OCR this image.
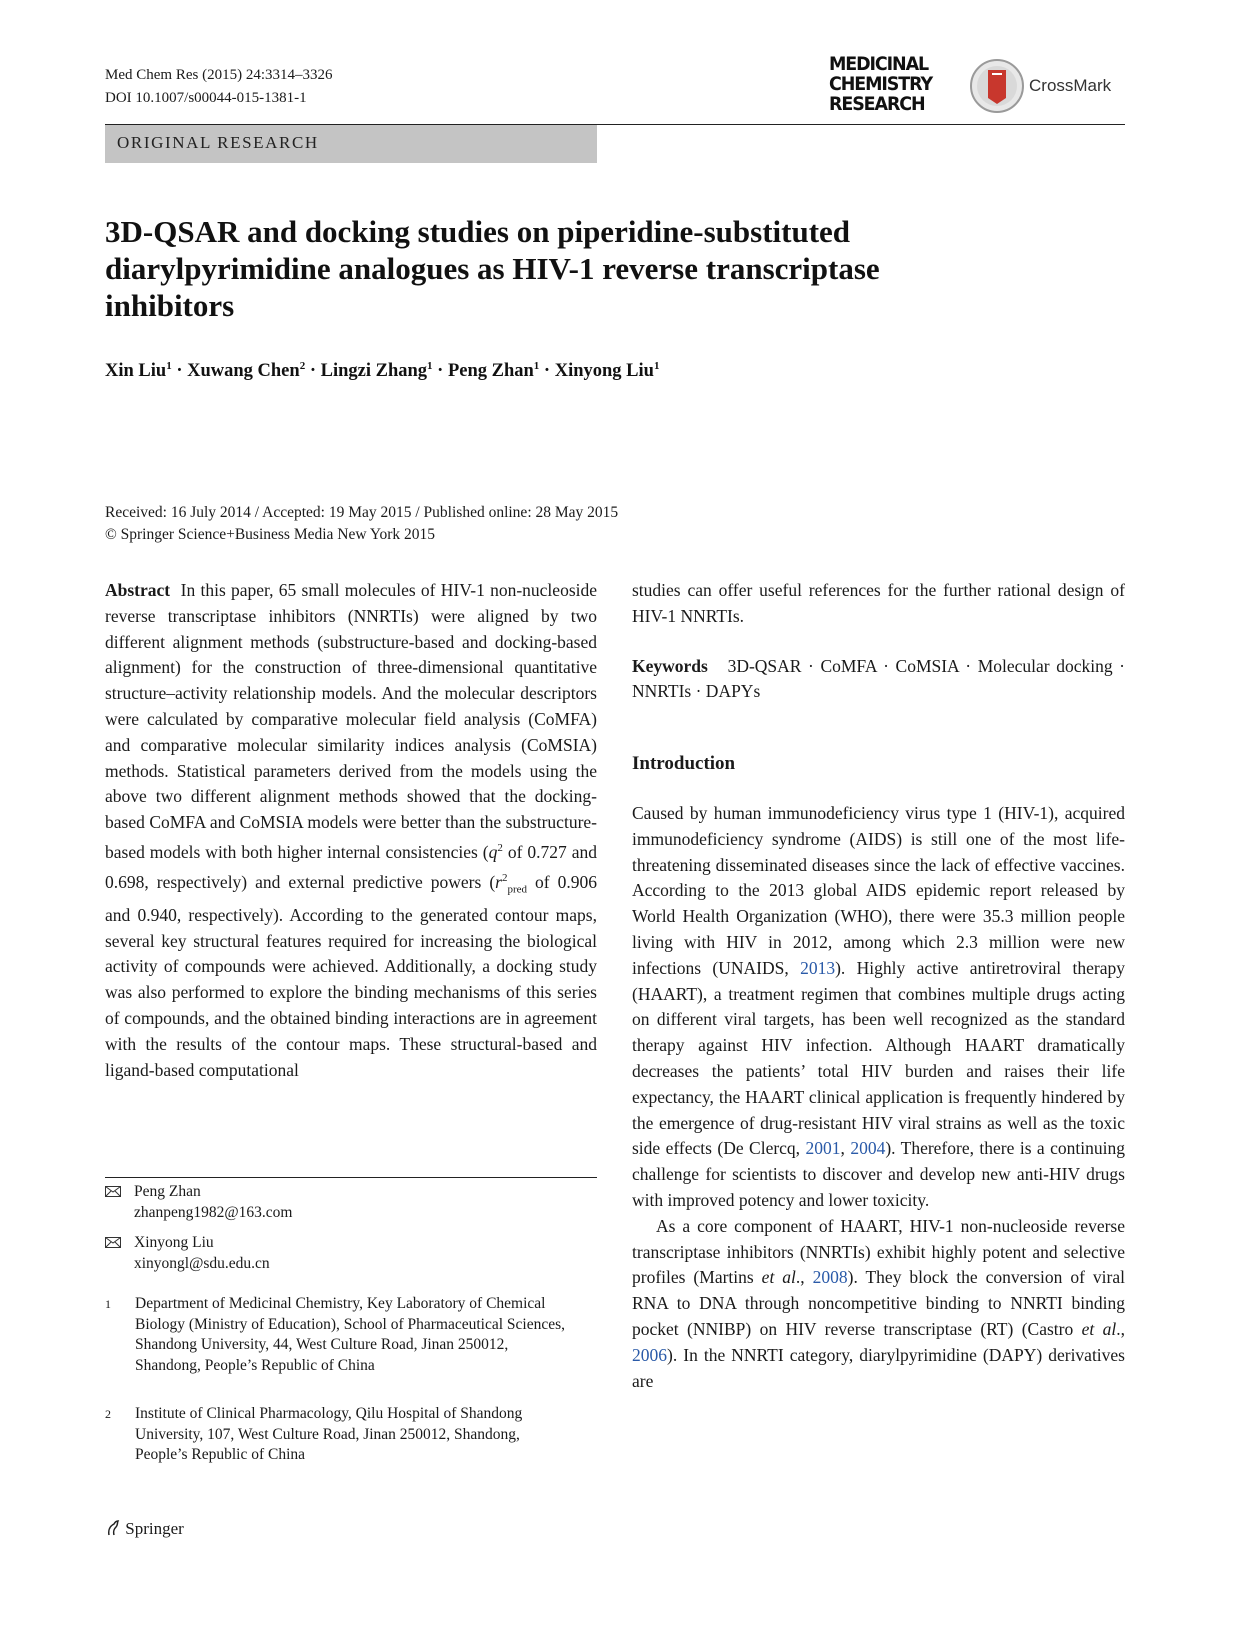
Med Chem Res (2015) 24:3314–3326
DOI 10.1007/s00044-015-1381-1
MEDICINAL
CHEMISTRY
RESEARCH
CrossMark
ORIGINAL RESEARCH
3D-QSAR and docking studies on piperidine-substituted diarylpyrimidine analogues as HIV-1 reverse transcriptase inhibitors
Xin Liu$^1$ · Xuwang Chen$^2$ · Lingzi Zhang$^1$ · Peng Zhan$^1$ · Xinyong Liu$^1$
Received: 16 July 2014 / Accepted: 19 May 2015 / Published online: 28 May 2015
© Springer Science+Business Media New York 2015

Abstract In this paper, 65 small molecules of HIV-1 non-nucleoside reverse transcriptase inhibitors (NNRTIs) were aligned by two different alignment methods (substructure-based and docking-based alignment) for the construction of three-dimensional quantitative structure–activity relationship models. And the molecular descriptors were calculated by comparative molecular field analysis (CoMFA) and comparative molecular similarity indices analysis (CoMSIA) methods. Statistical parameters derived from the models using the above two different alignment methods showed that the docking-based CoMFA and CoMSIA models were better than the substructure-based models with both higher internal consistencies ($q^2$ of 0.727 and 0.698, respectively) and external predictive powers ($r^2_{pred}$ of 0.906 and 0.940, respectively). According to the generated contour maps, several key structural features required for increasing the biological activity of compounds were achieved. Additionally, a docking study was also performed to explore the binding mechanisms of this series of compounds, and the obtained binding interactions are in agreement with the results of the contour maps. These structural-based and ligand-based computational

Peng Zhan
zhanpeng1982@163.com
Xinyong Liu
xinyongl@sdu.edu.cn
1 Department of Medicinal Chemistry, Key Laboratory of Chemical Biology (Ministry of Education), School of Pharmaceutical Sciences, Shandong University, 44, West Culture Road, Jinan 250012, Shandong, People’s Republic of China
2 Institute of Clinical Pharmacology, Qilu Hospital of Shandong University, 107, West Culture Road, Jinan 250012, Shandong, People’s Republic of China
Springer

studies can offer useful references for the further rational design of HIV-1 NNRTIs.

Keywords 3D-QSAR · CoMFA · CoMSIA · Molecular docking · NNRTIs · DAPYs

Introduction

Caused by human immunodeficiency virus type 1 (HIV-1), acquired immunodeficiency syndrome (AIDS) is still one of the most life-threatening disseminated diseases since the lack of effective vaccines. According to the 2013 global AIDS epidemic report released by World Health Organization (WHO), there were 35.3 million people living with HIV in 2012, among which 2.3 million were new infections (UNAIDS, 2013). Highly active antiretroviral therapy (HAART), a treatment regimen that combines multiple drugs acting on different viral targets, has been well recognized as the standard therapy against HIV infection. Although HAART dramatically decreases the patients’ total HIV burden and raises their life expectancy, the HAART clinical application is frequently hindered by the emergence of drug-resistant HIV viral strains as well as the toxic side effects (De Clercq, 2001, 2004). Therefore, there is a continuing challenge for scientists to discover and develop new anti-HIV drugs with improved potency and lower toxicity.

As a core component of HAART, HIV-1 non-nucleoside reverse transcriptase inhibitors (NNRTIs) exhibit highly potent and selective profiles (Martins et al., 2008). They block the conversion of viral RNA to DNA through noncompetitive binding to NNRTI binding pocket (NNIBP) on HIV reverse transcriptase (RT) (Castro et al., 2006). In the NNRTI category, diarylpyrimidine (DAPY) derivatives are
